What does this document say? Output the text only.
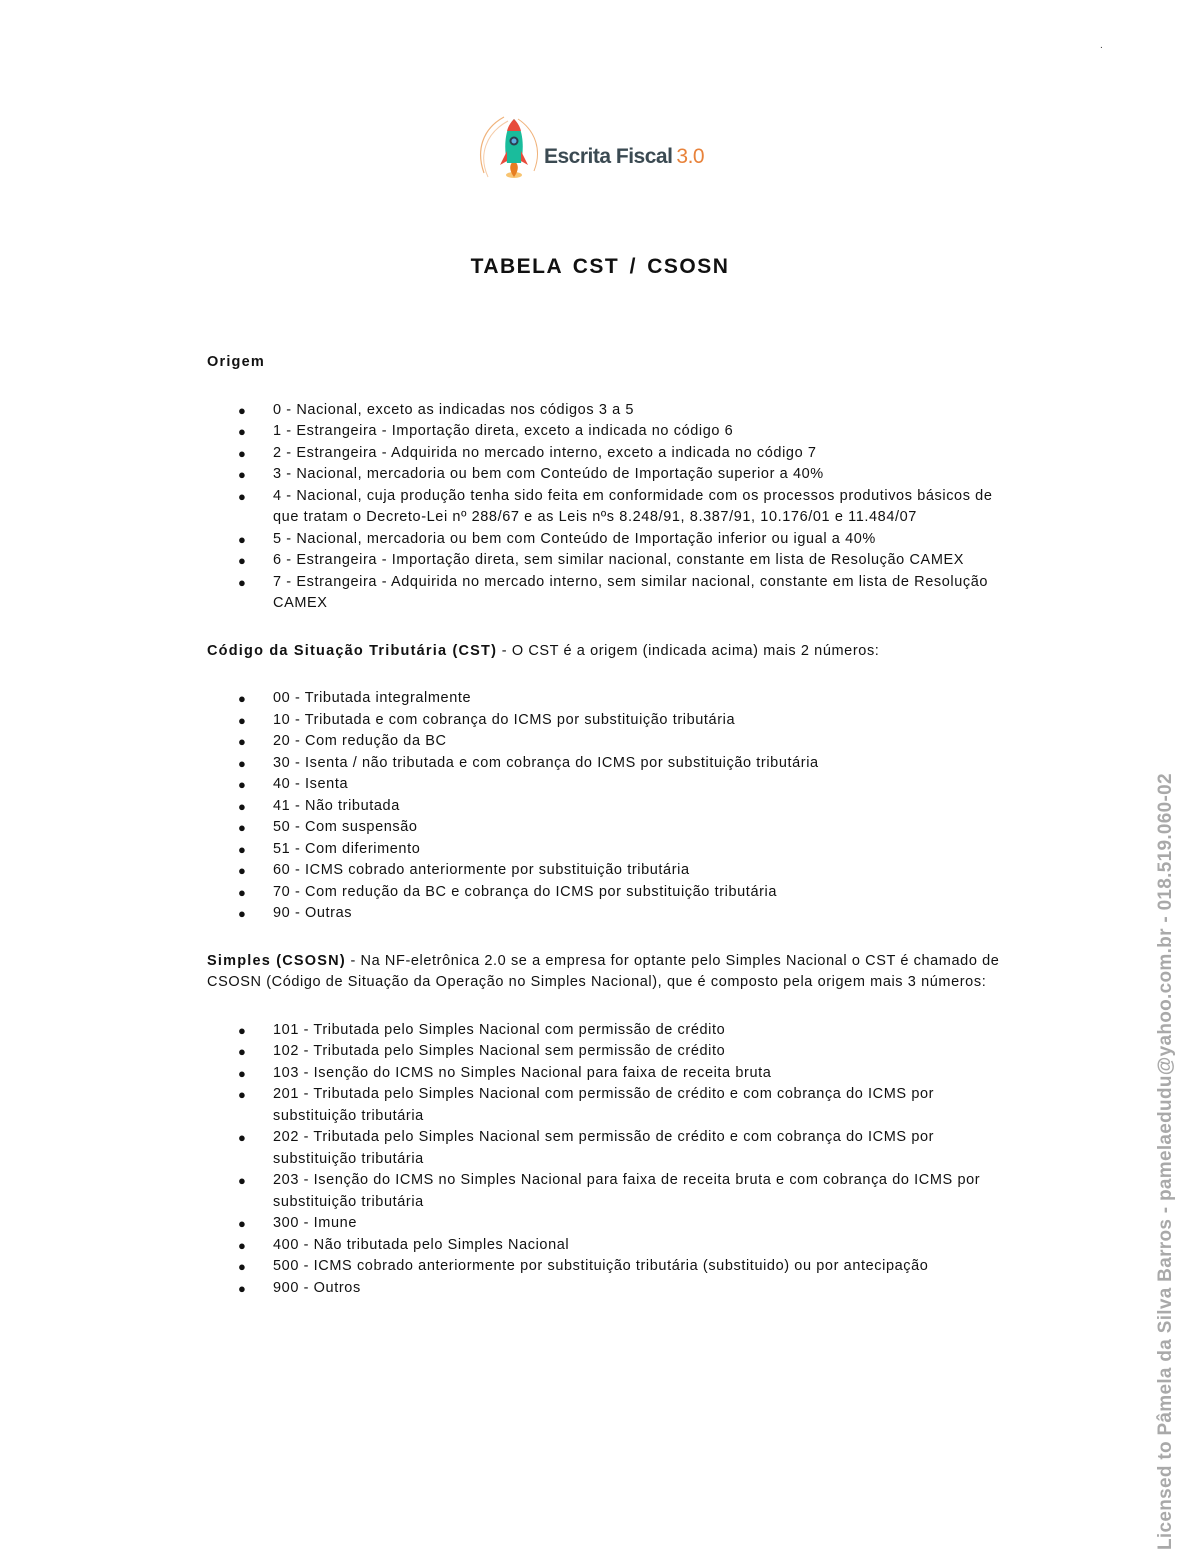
.
Escrita Fiscal 3.0
TABELA CST / CSOSN

Origem

● 0 - Nacional, exceto as indicadas nos códigos 3 a 5
● 1 - Estrangeira - Importação direta, exceto a indicada no código 6
● 2 - Estrangeira - Adquirida no mercado interno, exceto a indicada no código 7
● 3 - Nacional, mercadoria ou bem com Conteúdo de Importação superior a 40%
● 4 - Nacional, cuja produção tenha sido feita em conformidade com os processos produtivos básicos de que tratam o Decreto-Lei nº 288/67 e as Leis nºs 8.248/91, 8.387/91, 10.176/01 e 11.484/07
● 5 - Nacional, mercadoria ou bem com Conteúdo de Importação inferior ou igual a 40%
● 6 - Estrangeira - Importação direta, sem similar nacional, constante em lista de Resolução CAMEX
● 7 - Estrangeira - Adquirida no mercado interno, sem similar nacional, constante em lista de Resolução CAMEX

Código da Situação Tributária (CST) - O CST é a origem (indicada acima) mais 2 números:

● 00 - Tributada integralmente
● 10 - Tributada e com cobrança do ICMS por substituição tributária
● 20 - Com redução da BC
● 30 - Isenta / não tributada e com cobrança do ICMS por substituição tributária
● 40 - Isenta
● 41 - Não tributada
● 50 - Com suspensão
● 51 - Com diferimento
● 60 - ICMS cobrado anteriormente por substituição tributária
● 70 - Com redução da BC e cobrança do ICMS por substituição tributária
● 90 - Outras

Simples (CSOSN) - Na NF-eletrônica 2.0 se a empresa for optante pelo Simples Nacional o CST é chamado de CSOSN (Código de Situação da Operação no Simples Nacional), que é composto pela origem mais 3 números:

● 101 - Tributada pelo Simples Nacional com permissão de crédito
● 102 - Tributada pelo Simples Nacional sem permissão de crédito
● 103 - Isenção do ICMS no Simples Nacional para faixa de receita bruta
● 201 - Tributada pelo Simples Nacional com permissão de crédito e com cobrança do ICMS por substituição tributária
● 202 - Tributada pelo Simples Nacional sem permissão de crédito e com cobrança do ICMS por substituição tributária
● 203 - Isenção do ICMS no Simples Nacional para faixa de receita bruta e com cobrança do ICMS por substituição tributária
● 300 - Imune
● 400 - Não tributada pelo Simples Nacional
● 500 - ICMS cobrado anteriormente por substituição tributária (substituido) ou por antecipação
● 900 - Outros	Licensed to Pâmela da Silva Barros - pamelaedudu@yahoo.com.br - 018.519.060-02
